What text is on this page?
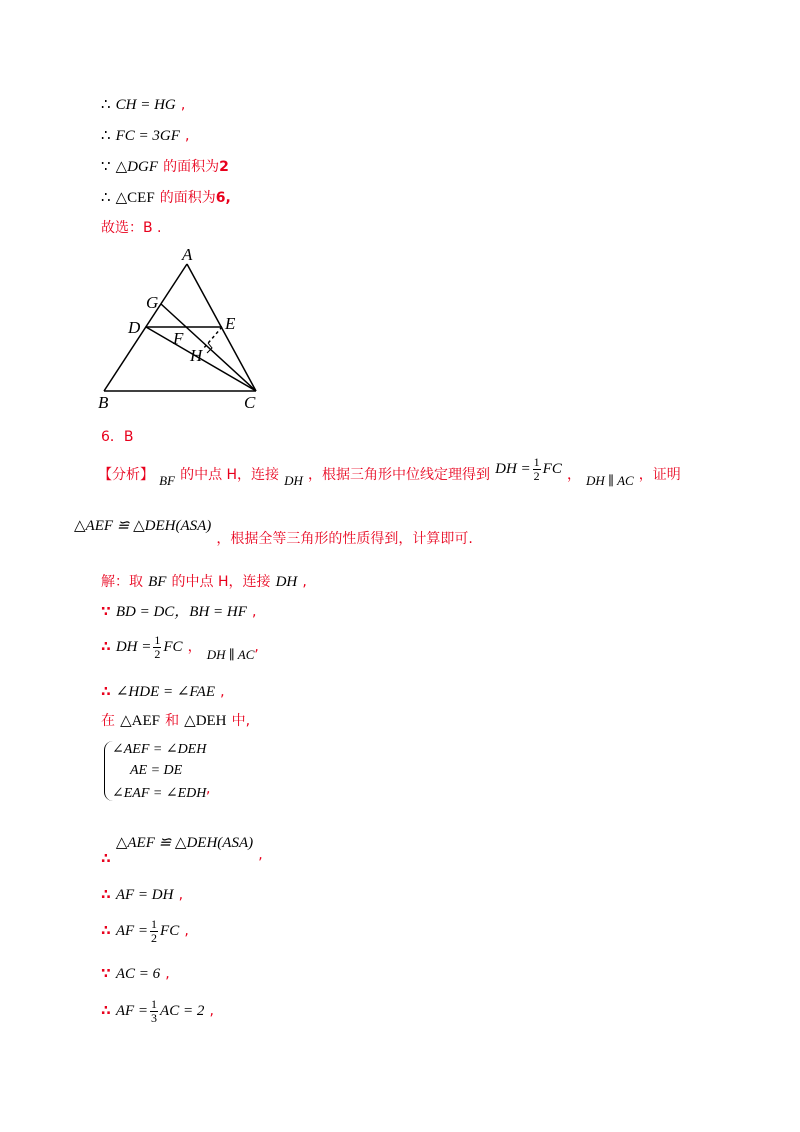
∴ CH = HG ,
∴ FC = 3GF ,
∵ △DGF 的面积为2
∴ △CEF 的面积为6,
故选：B .
A
G
D	E
F
H
B	C
6．B
【分析】 $_{BF}$ 的中点 H，连接 $_{DH}$ ，根据三角形中位线定理得到 DH = $\frac{1}{2}$ FC ， $_{DH \parallel AC}$ ，证明
△AEF ≌ △DEH(ASA) ，根据全等三角形的性质得到，计算即可.
解：取 BF 的中点 H，连接 DH ,
∵ BD = DC，BH = HF ,
∴ DH = $\frac{1}{2}$ FC ， $_{DH \parallel AC}$,
∴ ∠HDE = ∠FAE ,
在 △AEF 和 △DEH 中,
∠AEF = ∠DEH
AE = DE
∠EAF = ∠EDH ,
∴ △AEF ≌ △DEH(ASA) ,
∴ AF = DH ,
∴ AF = $\frac{1}{2}$ FC ,
∵ AC = 6 ,
∴ AF = $\frac{1}{3}$ AC = 2 ,
